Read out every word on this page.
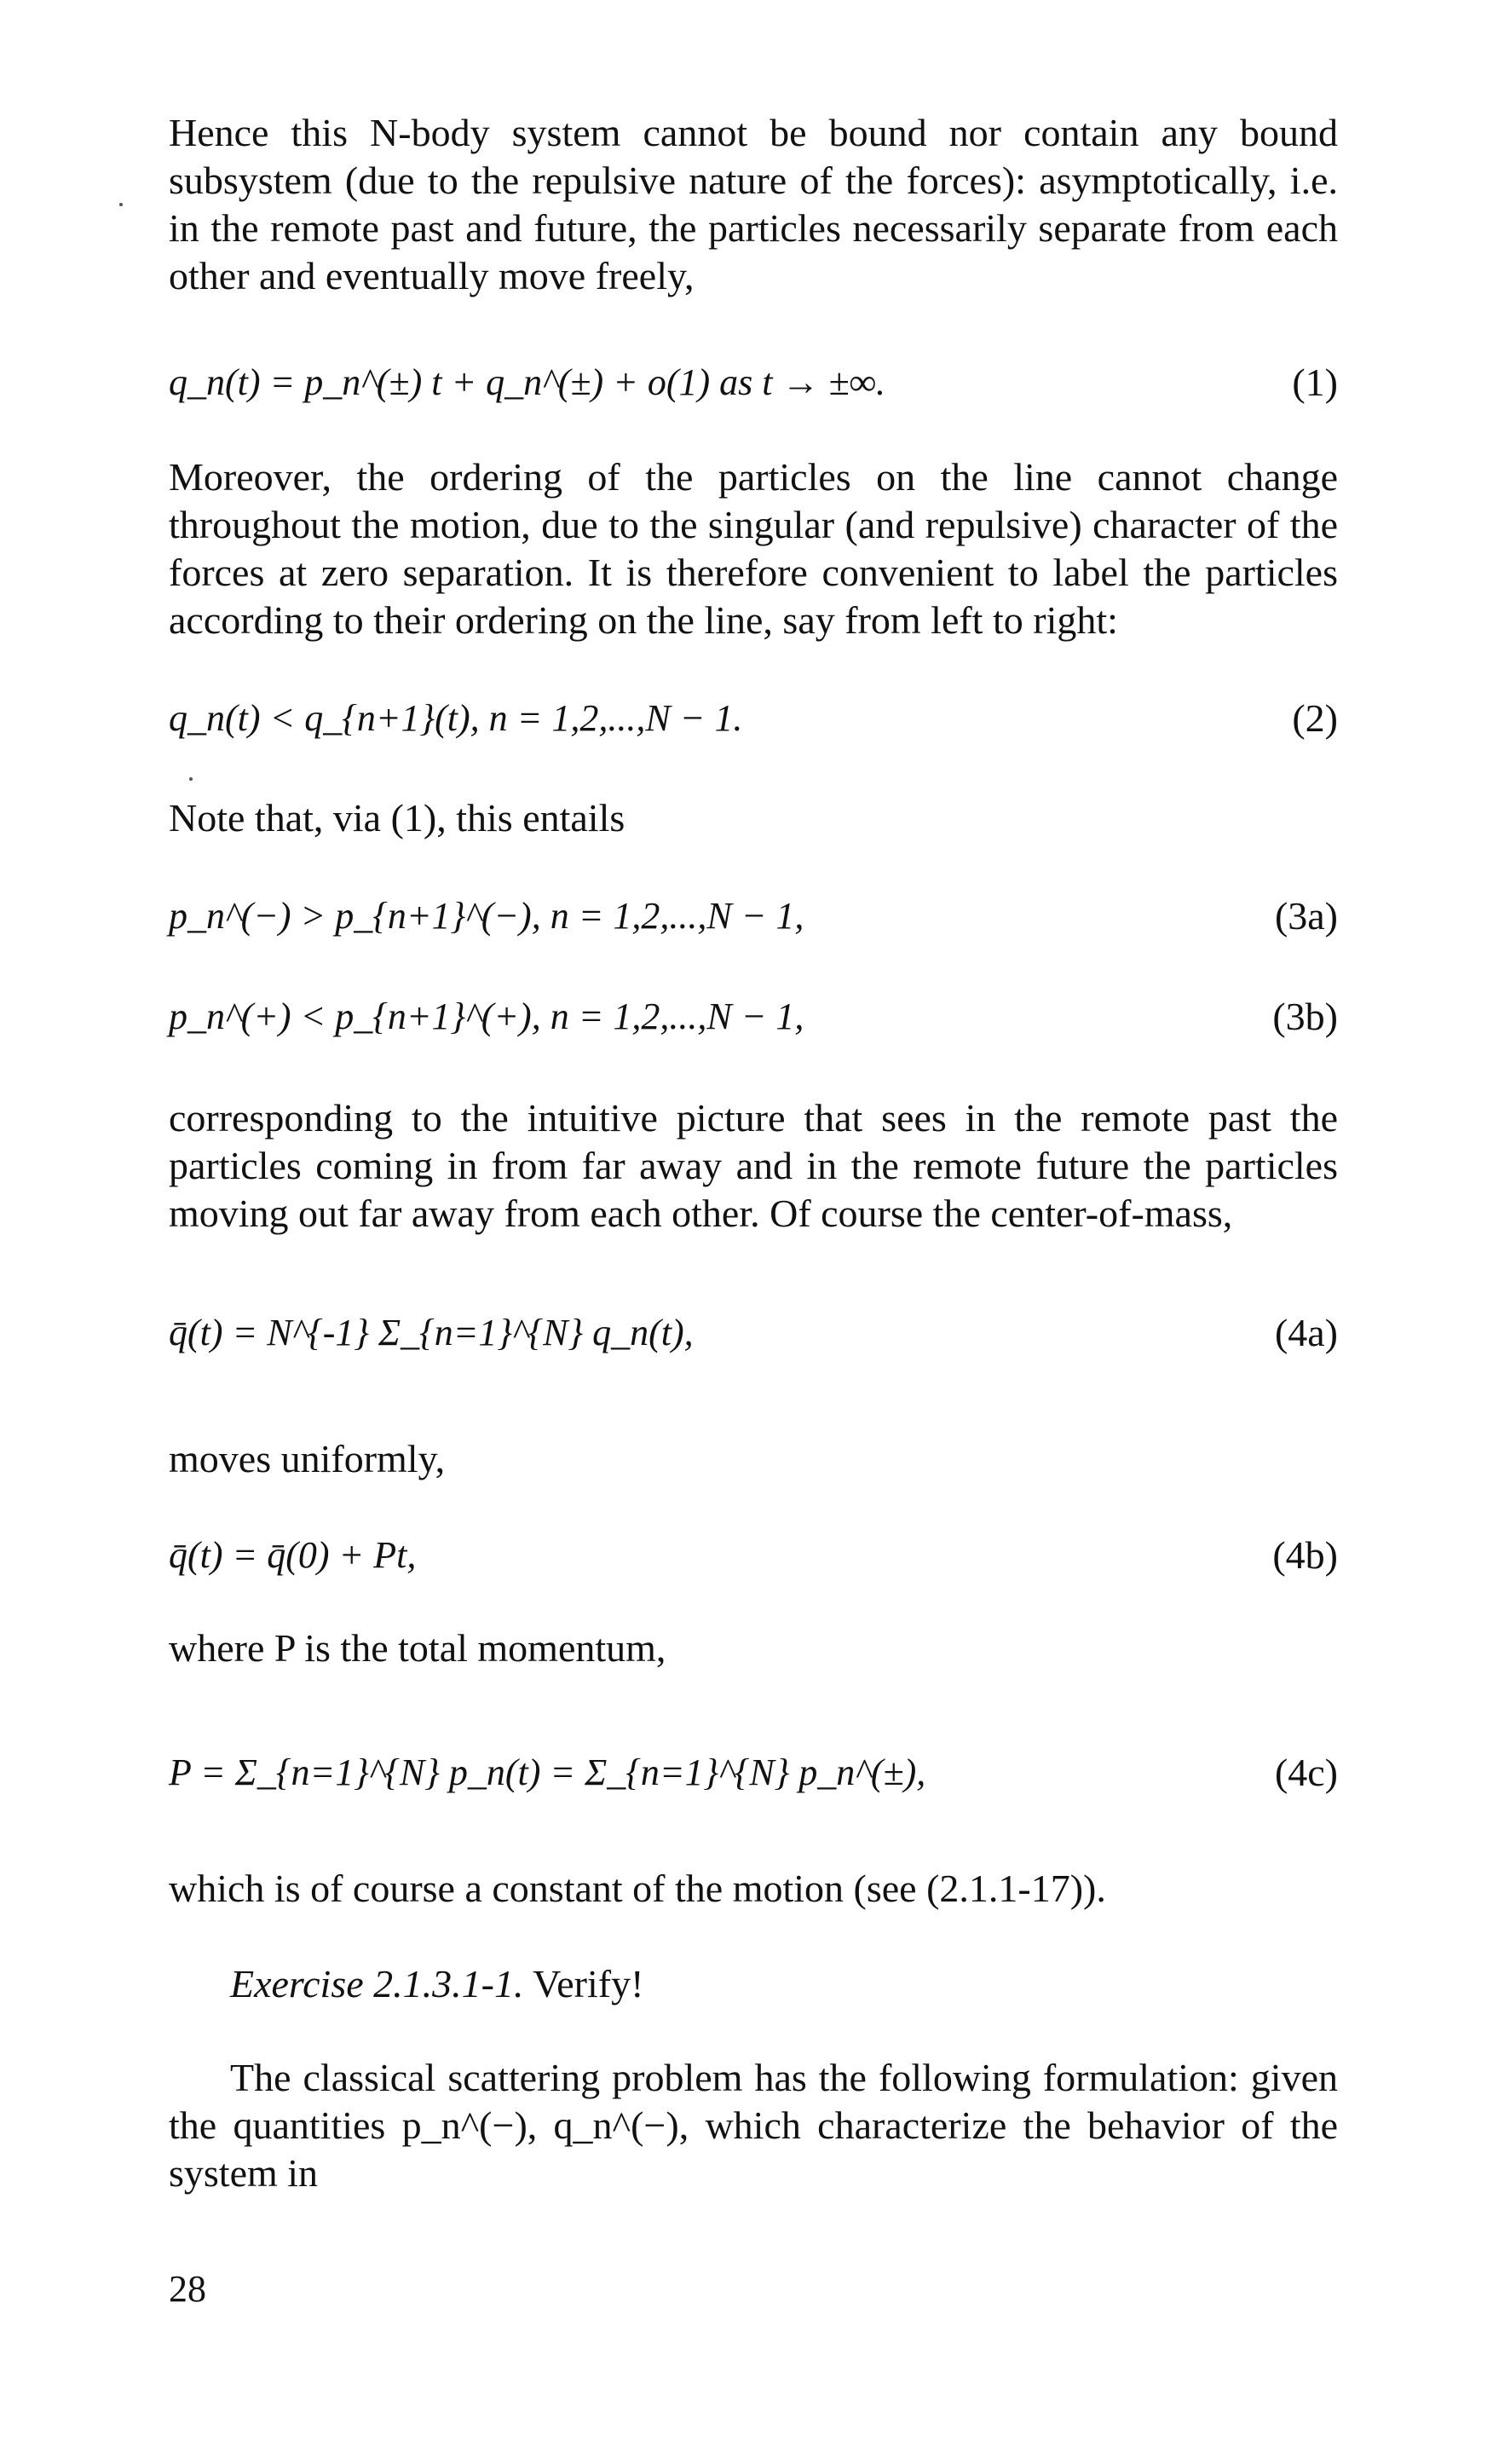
Hence this N-body system cannot be bound nor contain any bound subsystem (due to the repulsive nature of the forces): asymptotically, i.e. in the remote past and future, the particles necessarily separate from each other and eventually move freely,

q_n(t) = p_n^(±) t + q_n^(±) + o(1) as t → ±∞.	(1)

Moreover, the ordering of the particles on the line cannot change throughout the motion, due to the singular (and repulsive) character of the forces at zero separation. It is therefore convenient to label the particles according to their ordering on the line, say from left to right:

q_n(t) < q_{n+1}(t), n = 1,2,...,N − 1.	(2)

Note that, via (1), this entails

p_n^(−) > p_{n+1}^(−), n = 1,2,...,N − 1,	(3a)
p_n^(+) < p_{n+1}^(+), n = 1,2,...,N − 1,	(3b)

corresponding to the intuitive picture that sees in the remote past the particles coming in from far away and in the remote future the particles moving out far away from each other. Of course the center-of-mass,

q̄(t) = N^{-1} Σ_{n=1}^{N} q_n(t),	(4a)

moves uniformly,

q̄(t) = q̄(0) + Pt,	(4b)

where P is the total momentum,

P = Σ_{n=1}^{N} p_n(t) = Σ_{n=1}^{N} p_n^(±),	(4c)

which is of course a constant of the motion (see (2.1.1-17)).

Exercise 2.1.3.1-1. Verify!

The classical scattering problem has the following formulation: given the quantities p_n^(−), q_n^(−), which characterize the behavior of the system in

28
